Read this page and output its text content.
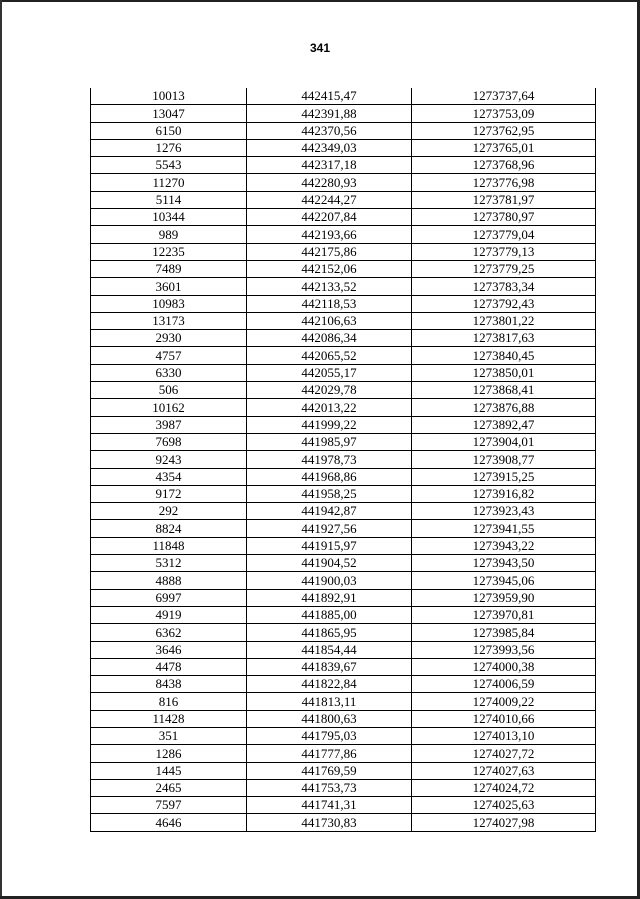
341
10013	442415,47	1273737,64
13047	442391,88	1273753,09
6150	442370,56	1273762,95
1276	442349,03	1273765,01
5543	442317,18	1273768,96
11270	442280,93	1273776,98
5114	442244,27	1273781,97
10344	442207,84	1273780,97
989	442193,66	1273779,04
12235	442175,86	1273779,13
7489	442152,06	1273779,25
3601	442133,52	1273783,34
10983	442118,53	1273792,43
13173	442106,63	1273801,22
2930	442086,34	1273817,63
4757	442065,52	1273840,45
6330	442055,17	1273850,01
506	442029,78	1273868,41
10162	442013,22	1273876,88
3987	441999,22	1273892,47
7698	441985,97	1273904,01
9243	441978,73	1273908,77
4354	441968,86	1273915,25
9172	441958,25	1273916,82
292	441942,87	1273923,43
8824	441927,56	1273941,55
11848	441915,97	1273943,22
5312	441904,52	1273943,50
4888	441900,03	1273945,06
6997	441892,91	1273959,90
4919	441885,00	1273970,81
6362	441865,95	1273985,84
3646	441854,44	1273993,56
4478	441839,67	1274000,38
8438	441822,84	1274006,59
816	441813,11	1274009,22
11428	441800,63	1274010,66
351	441795,03	1274013,10
1286	441777,86	1274027,72
1445	441769,59	1274027,63
2465	441753,73	1274024,72
7597	441741,31	1274025,63
4646	441730,83	1274027,98
